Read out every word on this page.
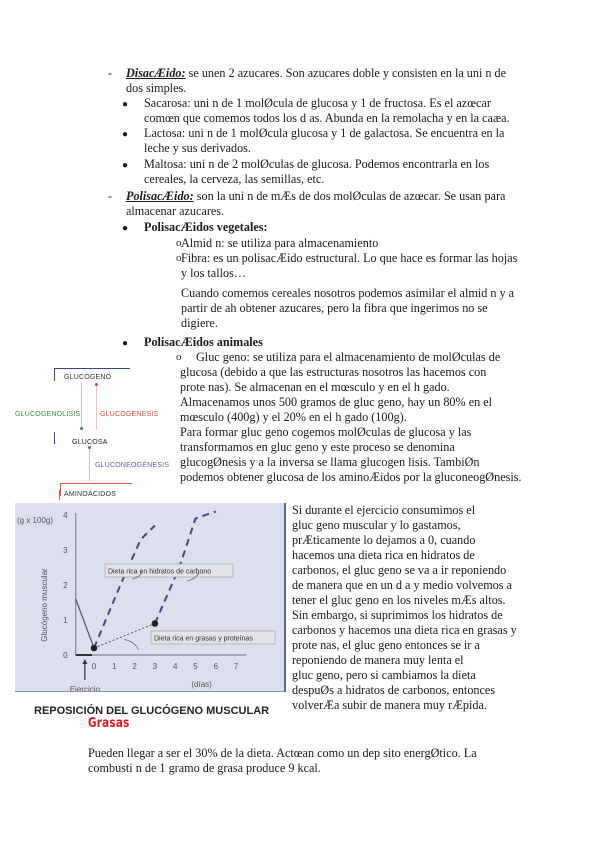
- DisacÆido: se unen 2 azucares. Son azucares doble y consisten en la uni n de
dos simples.
● Sacarosa: uni n de 1 molØcula de glucosa y 1 de fructosa. Es el azœcar
comœn que comemos todos los d as. Abunda en la remolacha y en la caæa.
● Lactosa: uni n de 1 molØcula glucosa y 1 de galactosa. Se encuentra en la
leche y sus derivados.
● Maltosa: uni n de 2 molØculas de glucosa. Podemos encontrarla en los
cereales, la cerveza, las semillas, etc.
- PolisacÆido: son la uni n de mÆs de dos molØculas de azœcar. Se usan para
almacenar azucares.
● PolisacÆidos vegetales:
o Almid n: se utiliza para almacenamiento
o Fibra: es un polisacÆido estructural. Lo que hace es formar las hojas
y los tallos…
Cuando comemos cereales nosotros podemos asimilar el almid n y a
partir de ah obtener azucares, pero la fibra que ingerimos no se
digiere.
● PolisacÆidos animales
o Gluc geno: se utiliza para el almacenamiento de molØculas de
glucosa (debido a que las estructuras nosotros las hacemos con
prote nas). Se almacenan en el mœsculo y en el h gado.
Almacenamos unos 500 gramos de gluc geno, hay un 80% en el
mœsculo (400g) y el 20% en el h gado (100g).
Para formar gluc geno cogemos molØculas de glucosa y las
transformamos en gluc geno y este proceso se denomina
glucogØnesis y a la inversa se llama glucogen lisis. TambiØn
podemos obtener glucosa de los aminoÆidos por la gluconeogØnesis.
GLUCÓGENO
GLUCOGENOLISIS	GLUCOGENESIS
GLUCOSA
GLUCONEOGÉNESIS
AMINOÁCIDOS
0
1
2
3
4
0 1 2 3 4 5 6 7
(g x 100g)
Glucógeno muscular
(días)
Ejercicio
Dieta rica en hidratos de carbono
Dieta rica en grasas y proteínas
REPOSICIÓN DEL GLUCÓGENO MUSCULAR
Si durante el ejercicio consumimos el
gluc geno muscular y lo gastamos,
prÆticamente lo dejamos a 0, cuando
hacemos una dieta rica en hidratos de
carbonos, el gluc geno se va a ir reponiendo
de manera que en un d a y medio volvemos a
tener el gluc geno en los niveles mÆs altos.
Sin embargo, si suprimimos los hidratos de
carbonos y hacemos una dieta rica en grasas y
prote nas, el gluc geno entonces se ir a
reponiendo de manera muy lenta el
gluc geno, pero si cambiamos la dieta
despuØs a hidratos de carbonos, entonces
volverÆa subir de manera muy rÆpida.
Grasas
Pueden llegar a ser el 30% de la dieta. Actœan como un dep sito energØtico. La
combusti n de 1 gramo de grasa produce 9 kcal.
